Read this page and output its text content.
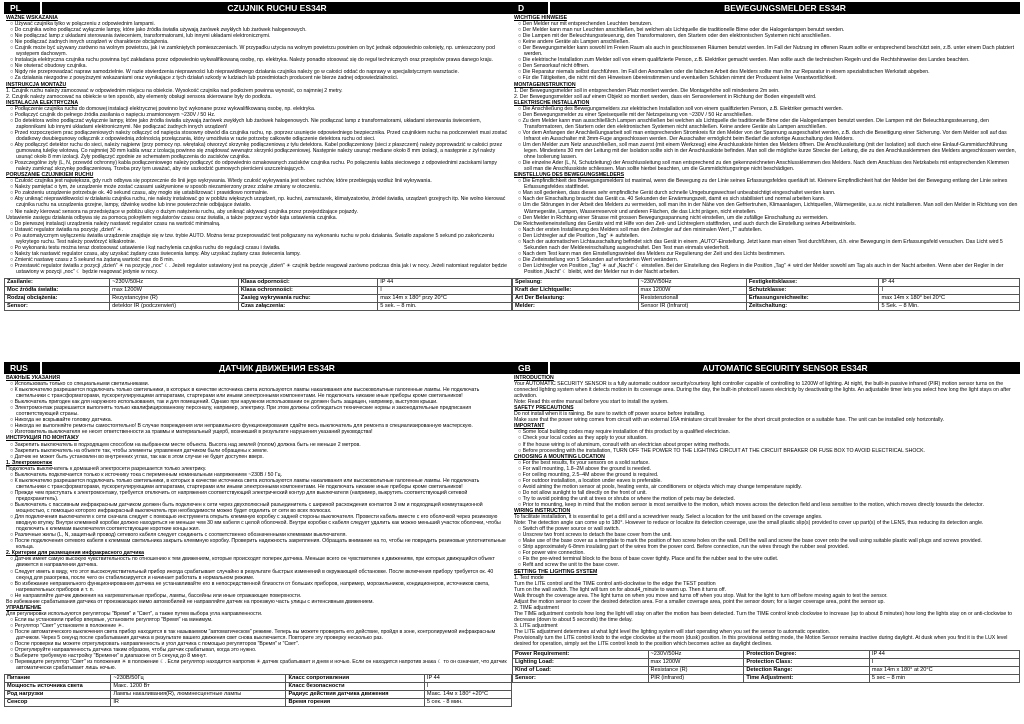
PL	CZUJNIK RUCHU ES34R
WAŻNE WSKAZANIA
○ Używać czujnika tylko w połączeniu z odpowiednim lampami.
○ Do czujnika wolno podłączać wyłącznie lampy, które jako źródła światła używają żarówek zwykłych lub żarówek halogenowych.
○ Nie podłączać lamp z układami sterowania świeceniem, transformatorami, lub innymi układami elektronicznymi.
○ Nie podłączać żadnych innych urządzeń w charakterze obciążenia.
○ Czujnik może być używany zarówno na wolnym powietrzu, jak i w zamkniętych pomieszczeniach. W przypadku użycia na wolnym powietrzu powinien on być jednak odpowiednio osłonięty, np. umieszczony pod występem dachowym.
○ Instalacja elektryczna czujnika ruchu powinna być zakładana przez odpowiednio wykwalifikowaną osobę, np. elektryka. Należy ponadto stosować się do reguł technicznych oraz przepisów prawa danego kraju.
○ Nie otwierać obudowy czujnika.
○ Nigdy nie przeprowadzać napraw samodzielnie. W razie stwierdzenia nieprawności lub nieprawidłowego działania czujnika należy go w całości oddać do naprawy w specjalistycznym warsztacie.
○ Za działania niezgodne z powyższymi wskazaniami oraz wynikające z tych działań szkody w ludziach lub przedmiotach producent nie bierze żadnej odpowiedzialności.
INSTRUKCJA MONTAŻU
1. Czujnik ruchu należy zamocować w odpowiednim miejscu na obiekcie. Wysokość czujnika nad podłożem powinna wynosić, co najmniej 2 metry.
2. Czujnik należy zamocować na obiekcie w ten sposób, aby elementy obsługi sensora skierowane były do podłoża.
INSTALACJA ELEKTRYCZNA
○ Podłączenie czujnika ruchu do domowej instalacji elektrycznej powinno być wykonane przez wykwalifikowaną osobę, np. elektryka.
○ Podłączyć czujnik do pełnego źródła zasilania o napięciu znamionowym ~230V / 50 Hz.
○ Do detektora wolno podłączać wyłącznie lampy, które jako źródła światła używają żarówek zwykłych lub żarówek halogenowych. Nie podłączać lamp z transformatorami, układami sterowania świeceniem, zapłonnikami lub innymi układami elektronicznymi. Nie podłączać żadnych innych urządzeń!
○ Przed rozpoczęciem prac podłączeniowych należy odłączyć od napięcia stosowny obwód dla czujnika ruchu, np. poprzez usunięcie odpowiedniego bezpiecznika. Przed czujnikiem ruchu na podczerwień musi zostać dodatkowy dwubiegunowy odłącznik z odpowiednią zdolnością przełączania, który umożliwia w razie potrzeby całkowite odłączenie detektora ruchu od sieci.
○ Aby podłączyć detektor ruchu do sieci, należy najpierw (przy pomocy np. wkrętaka) otworzyć skrzynkę podłączeniową z tyłu detektora. Kabel podłączeniowy (sieci z płaszczem) należy poprowadzić w całości przez gumowaną tulejkę wlotową. Co najmniej 30 mm kabla wraz z izolacją powinno się znajdować wewnątrz skrzynki podłączeniowej. Następnie należy usunąć mediane około 8 mm izolacji, a następnie z żył należy usunąć około 8 mm izolacji. Żyły podłączyć zgodnie ze schematem podłączenia do zacisków czujnika.
○ Poszczególne żyły (L, N, przewód ochronny) kabla podłączeniowego należy podłączyć do odpowiednio oznakowanych zacisków czujnika ruchu. Po połączeniu kabla sieciowego z odpowiednimi zaciskami lampy należy zamknąć skrzynkę podłączeniową. Trzeba przy tym uważać, aby nie uszkodzić gumowych pierścieni uszczelniających.
PORUSZANIE CZUJNIKIEM RUCHU
○ Czułość czujnika jest największa, gdy ruch odbywa się poprzecznie do linii jego wykrywania. Wtedy czułość wykrywania jest wobec ruchów, które przebiegają wzdłuż linii wykrywania.
○ Należy pamiętać o tym, że urządzenie może zostać czasami uaktywnione w sposób niezamierzony przez zdalne zmiany w otoczeniu.
○ Po założeniu urządzenie potrzebuje ok. 40 sekund czasu, aby mogło się ustabilizować i prawidłowo normalnie.
○ Aby uniknąć nieprawidłowości w działaniu czujnika ruchu, nie należy instalować go w pobliżu większych urządzeń, np. kuchni, zamrażarek, klimatyzatorów, źródeł światła, urządzeń grzejnych itp. Nie wolno kierować czujnika ruchu na urządzenia grzejne, lampy, dźwinkę wodne lub inne powierzchnie odbijające światło.
○ Nie należy kierować sensora na przedsiężące w pobliżu ulicy o dużym natężeniu ruchu, aby uniknąć aktywacji czujnika przez przejeżdżające pojazdy.
Ustawienie zasięgu działania odbywa się za pomocą pokrętłem regulatorów czasu oraz światła, a także poprzez wybór kąta ustawienia czujnika.
○ Do pierwszej instalacji urządzenia należy nastawić regulator czasu na wartość minimalną.
○ Ustawić regulator światła na pozycję „dzień” ☀.
○ Po automatycznym wyłączeniu światła urządzenie znajduje się w tzw. trybie AUTO. Można teraz przeprowadzić test poligazany na wykonaniu ruchu w polu działania. Światło zapalone 5 sekund po zakończeniu wykrytego ruchu. Test należy powtórzyć kilkakrotnie.
○ Po wykonaniu testu można teraz dostosować ustawienie i kąt nachylenia czujnika ruchu do regulacji czasu i światła.
○ Należy tak nastawić regulator czasu, aby uzyskać żądany czas świecenia lampy. Aby uzyskać żądany czas świecenia lampy.
○ Zmienić nastawę czasu z 5 sekund na żądaną wartość max do 8 min.
○ Przestawić regulator światła z pozycji „dzień” ☀ na pozycję „noc” ☾. Jeżeli regulator ustawiony jest na pozycję „dzień” ☀ czujnik będzie reagował zarówno podczas dnia jak i w nocy. Jeżeli natomiast regulator będzie ustawiony w pozycji „noc” ☾ będzie reagować jedynie w nocy.
Zasilanie:	~230V/50Hz	Klasa odporności:	IP 44
Moc źródła światła:	max 1200W	Klasa ochronności:	I
Rodzaj obciążenia:	Rezystancyjne (R)	Zasięg wykrywania ruchu:	max 14m x 180° przy 20°C
Sensor:	detektor IR (podczerwień)	Czas załączenia:	5 sek. – 8 min.
D	BEWEGUNGSMELDER ES34R
WICHTIGE HINWEISE
○ Den Melder nur mit entsprechenden Leuchten benutzen.
○ Der Melder kann man nur Leuchten anschließen, bei welchen als Lichtquelle die traditionelle Birne oder die Halogenlampen benutzt werden.
○ Die Lampen mit der Beleuchtungssteuerung, den Transformatoren, den Startern oder den elektronischen Systemen nicht anschließen.
○ Keine andere Geräte als Lampen anschließen.
○ Der Bewegungsmelder kann sowohl im Freien Raum als auch in geschlossenen Räumen benutzt werden. Im Fall der Nutzung im offenen Raum sollte er entsprechend beschützt sein, z.B. unter einem Dach platziert werden.
○ Die elektrische Installation zum Melder soll von einem qualifizierte Person, z.B. Elektriker gemacht werden. Man sollte auch die technischen Regeln und die Rechtshinweise des Landes beachten.
○ Den Sensorkauf nicht öffnen.
○ Die Reparatur niemals selbst durchführen. Im Fall den Anomalien oder die falschen Arbeit des Melders sollte man ihn zur Reparatur in einem spezialistischen Werkstatt abgeben.
○ Für die Tätigkeiten, die nicht mit den Hinweisen übereinstimmen und eventuellen Schäden nimmt der Produzent keine Verantwortlichkeit.
MONTAGEINSTRUKTION
1. Der Bewegungsmelder soll in entsprechenden Platz montiert werden. Die Montagehöhe soll mindestens 2m sein.
2. Der Bewegungsmelder soll auf einem Objekt so montiert werden, dass ein Sensorelement in Richtung der Boden eingestellt wird.
ELEKTRISCHE INSTALLATION
○ Die Anschließung des Bewegungsmelders zur elektrischen Installation soll von einem qualifizierten Person, z.B. Elektriker gemacht werden.
○ Den Bewegungsmelder zu einer Speisequelle mit der Netzspeisung von ~230V / 50 Hz anschließen.
○ Zu dem Melder kann man ausschließlich Lampen anschließen bei welchen als Lichtquelle die traditionelle Birne oder die Halogenlampen benutzt werden. Die Lampen mit der Beleuchtungssteuerung, den Transformatoren, den Startern oder den elektronischen Systemen nicht anschließen. Keine andere Geräte als Lampen anschließen.
○ Vor dem Anfangen der Anschließungsarbeit soll man entsprechenden Stromkreis für den Melder von der Spannung ausgeschaltet werden, z.B. durch die Beseitigung einer Sicherung. Vor dem Melder soll auf das Infrarot ein Ausschalter mit 3mm-Fuge angeschlossen werden. Der Ausschalter ermöglicht beim Bedarf die sofortige Ausschaltung des Melders.
○ Um den Melder zum Netz anzuschließen, soll man zuerst (mit einem Werkzeug) eine Anschlusskiste hinten des Melders öffnen. Die Anschlussleitung (mit der Isolation) soll durch eine Einlauf-Gummidurchführung legen. Mindestens 30 mm der Leitung mit der Isolation sollte sich in der Anschlusskiste befinden. Man soll die mögliche kurze Strecke der Leitung, die zu den Anschlussklemmen des Melders angeschlossen werden, ohne Isolierung lassen.
○ Die einzelne Ader (L, N, Schutzleitung) der Anschlussleitung soll man entsprechend zu den gekennzeichneten Anschlussklemmen des Melders. Nach dem Anschluss des Netzkabels mit entsprechenden Klemmen soll man die Anschlusskiste schliessen. Man sollte hierbei beachten, um die Gummidichtungsringe nicht beschädigen.
EINSTELLUNG DES BEWEGUNGSMELDERS
○ Die Empfindlichkeit des Bewegungsmelders ist maximal, wenn die Bewegung zu der Linie seines Erfassungsfeldes querläuft ist. Kleinere Empfindlichkeit hat der Melder bei der Bewegung entlang der Linie seines Erfassungsfeldes stattfindet.
○ Man soll gedenken, dass dieses sehr empfindliche Gerät durch schnelle Umgebungswechsel unbeabsichtigt eingeschaltet werden kann.
○ Nach der Einschaltung braucht das Gerät ca. 40 Sekunden der Erwärmungszeit, damit es sich stabilisiert und normal arbeiten kann.
○ Um die Störungen in der Arbeit des Melders zu vermeiden, soll man ihn in der Nähe von den Gefriertruhen, Klimaanlagen, Lichtquellen, Wärmegeräte, u.s.w. nicht installieren. Man soll den Melder in Richtung von den Wärmegeräte, Lampen, Wasserreservoir und anderen Flächen, die das Licht prägen, nicht einstellen.
○ Den Melder in Richtung einer Strasse mit grossen Bewegungsspannung nicht einstellen, um die zufällige Einschaltung zu vermeiden.
Die Reichweiteneinstellung des Geräts wird mit Hilfe von den Zeit- und Lichtreglern stattfinden, und auch durch die Einstellung seines Arbeitswinkels.
○ Nach der ersten Installierung des Melders soll man den Zeitregler auf den minimalen Wert „T” aufstellen.
○ Den Lichtregler auf die Position „Tag” ☀ aufstellen.
○ Nach der automatischen Lichtausschaltung befindet sich das Gerät in einem „AUTO”-Einstellung. Jetzt kann man einen Test durchführen, d.h. eine Bewegung in dem Erfassungsfeld versuchen. Das Licht wird 5 Sekunden nach der Meldereinschaltung ausgeschaltet. Den Test man einmals wiederholt.
○ Nach dem Test kann man den Einstellungswinkel des Melders zur Regulierung der Zeit und des Lichts bestimmen.
○ Die Zeiteinstellung von 5 Sekunden auf erforderten Wert verändern.
○ Den Lichtregler von Position „Tag” ☀ auf „Nacht” ☾ einstellen. Bei der Einstellung des Reglers in die Position „Tag” ☀ wird der Melder sowohl am Tag als auch in der Nacht arbeiten. Wenn aber der Regler in der Position „Nacht” ☾ bleibt, wird der Melder nur in der Nacht arbeiten.
Speisung:	~230V/50Hz	Festigkeitsklasse:	IP 44
Kraft der Lichtquelle:	max 1200W	Schutzklasse:	I
Art Der Belastung:	Resistenzionall	Erfassungsreichweite:	max 14m x 180° bei 20°C
Melder:	Sensor IR (Infrarot)	Zeitschaltung:	5 Sek. – 8 Min.
RUS	ДАТЧИК ДВИЖЕНИЯ ES34R
ВАЖНЫЕ УКАЗАНИЯ
○ Использовать только со специальными светильниками.
○ К выключателю разрешается подключать только светильники, в которых в качестве источника света используются лампы накаливания или высоковольтные галогенные лампы. Не подключать светильники с трансформаторами, пускорегулирующими аппаратами, стартерами или иными электронными компонентами. Не подключать никакие иные приборы кроме светильников!
○ Выключатель пригоден как для наружного использования, так и для помещений. Однако при наружном использовании он должен быть защищен, например, выступом крыши.
○ Электромонтаж разрешается выполнять только квалифицированному персоналу, например, электрику. При этом должны соблюдаться технические нормы и законодательные предписания соответствующей страны.
○ Никогда не вскрывайте головку датчика.
○ Никогда не выполняйте ремонты самостоятельно! В случае повреждения или неправильного функционирования сдайте весь выключатель для ремонта в специализированную мастерскую.
○ Изготовитель выключателя не несет ответственности за травмы и материальный ущерб, возникший в результате нарушения указаний руководства!
ИНСТРУКЦИЯ ПО МОНТАЖУ
○ Закрепить выключатель в подходящем способом на выбранном месте объекта. Высота над землей (полом) должна быть не меньше 2 метров.
○ Закрепить выключатель на объекте так, чтобы элементы управления датчиком были обращены к земле.
○ Датчик не может быть установлен во внутренних углах, так как в этом случае не будет доступен вверх.
1. Электромонтаж
Подключать выключатель к домашней электросети разрешается только электрику.
○ Выключатель подключается только к источнику тока с переменным номинальным напряжением ~230В / 50 Гц.
○ К выключателю разрешается подключать только светильники, в которых в качестве источника света используются лампы накаливания или высоковольтные галогенные лампы. Не подключать светильники с трансформаторами, пускорегулирующими аппаратами, стартерами или иными электронными компонентами. Не подключать никакие иные приборы кроме светильников!
○ Прежде чем приступать к электромонтажу, требуется отключить от напряжения соответствующий электрический контур для выключателя (например, выкрутить соответствующий сетевой предохранитель).
○ Выключатель с пассивным инфракрасным датчиком должен быть подключен к сети через двухполюсный разъединитель с шириной расхождения контактов 3 мм и подходящей коммутационной мощностью, с помощью которого инфракрасный выключатель при необходимости можно будет отделить от сети во всех полюсах.
○ Для подключения выключателя к сети сначала следует с помощью инструмента открыть клеммную коробку с задней стороны выключателя. Провести кабель вместе с его оболочкой через резиновую вводную втулку. Внутри клеммной коробки должно находиться не меньше чем 30 мм кабеля с целой оболочкой. Внутри коробки с кабеля следует удалить как можно меньший участок оболочки, чтобы подключить к клеммам выключателя соответствующие короткие концы жил.
○ Различные жилы (L, N, защитный провод) сетевого кабеля следует соединить с соответственно обозначенными клеммами выключателя.
○ После подключения сетевого кабеля к клеммам светильника закрыть клеммную коробку. Проверить надежность закрепления. Обращать внимание на то, чтобы не повредить резиновые уплотнительные кольца.
2. Критерии для размещения инфракрасного датчика
○ Датчик имеет самую высокую чувствительность по отношению к тем движениям, которые происходят поперек датчика. Меньше всего он чувствителен к движениям, при которых движущийся объект движется в направлении датчика.
○ Следует иметь в виду, что этот высокочувствительный прибор иногда срабатывает случайно в результате быстрых изменений в окружающей обстановке. После включения прибору требуется ок. 40 секунд для разогрева, после чего он стабилизируется и начинает работать в нормальном режиме.
○ Во избежание неправильного функционирования датчика не устанавливайте его в непосредственной близости от больших приборов, например, морозильников, кондиционеров, источников света, нагревательных приборов и т. п.
○ Не направляйте датчик движения на нагревательные приборы, лампы, бассейны или иные отражающие поверхности.
Во избежание срабатывания датчика от проезжающих мимо автомобилей не направляйте датчик на проезжую часть улицы с интенсивным движением.
УПРАВЛЕНИЕ
Для регулировки используются регуляторы "Время" и "Свет", а также путем выбора угла направленности.
○ Если вы установили прибор впервые, установите регулятор "Время" на минимум.
○ Регулятор "Свет" установите в положение ☀.
○ После автоматического выключения света прибор находится в так называемом "автоматическом" режиме. Теперь вы можете проверить его действие, пройдя в зоне, контролируемой инфракрасным датчиком. Через 5 секунд после срабатывания датчика в результате вашего движения свет снова выключается. Повторите эту проверку несколько раз.
○ После проверки вы можете отрегулировать направленность и угол датчика с помощью регуляторов "Время" и "Свет".
○ Отрегулируйте направленность датчика таким образом, чтобы датчик срабатывал, когда это нужно.
○ Выберите требуемую настройку "Времени" в диапазоне от 5 секунд до 8 минут.
○ Переведите регулятор "Свет" из положения ☀ в положение ☾. Если регулятор находится напротив ☀ датчик срабатывает и днем и ночью. Если он находится напротив знака ☾ то он означает, что датчик автоматически срабатывает лишь ночью.
Питание	~230В/50Гц	Класс сопротивления	IP 44
Мощность источника света	Макс. 1200 Вт	Класс безопасности	I
Род нагрузки	Лампы накаливания(R), люминесцентные лампы	Радиус действия датчика движения	Макс. 14м x 180° +20°C
Сенсор	IR	Время горения	5 сек. - 8 мин.
GB	AUTOMATIC SECIURITY SENSOR ES34R
INTRODUCTION
Your AUTOMATIC SECURITY SENSOR is a fully automatic outdoor security/courtesy light controller capable of controlling to 1200W of lighting. At night, the built-in passive infrared (PIR) motion sensor turns on the connected lighting system when it detects motion in its coverage area. During the day, the built-in photocell saves electricity by deactivating the lights. An adjustable timer lets you select how long the light stays on after activation.
Note: Read this entire manual before you start to install the system.
SAFETY PRECAUTIONS
Do not install when it is raining. Be sure to switch off power source before installing.
Make sure that the power wiring comes from circuit with an external 16A miniature circuit breaker for the short circuit protection or a suitable fuse. The unit can be installed only horizontally.
IMPORTANT
○ Some local building codes may require installation of this product by a qualified electrician.
○ Check your local codes as they apply to your situation.
○ If the house wiring is of aluminum, consult with an electrician about proper wiring methods.
○ Before proceeding with the installation, TURN OFF THE POWER TO THE LIGHTING CIRCUIT AT THE CIRCUIT BREAKER OR FUSE BOX TO AVOID ELECTRICAL SHOCK.
CHOOSING A MOUNTING LOCATION
○ For the best results, fix your sensors on a solid surface.
○ For wall mounting, 1.8–2M above the ground is needed.
○ For ceiling mounting, 2.5–4M above the ground is required.
○ For outdoor installation, a location under eaves is preferable.
○ Avoid aiming the motion sensor at pools, heating vents, air conditioners or objects which may change temperature rapidly.
○ Do not allow sunlight to fall directly on the front of unit.
○ Try to avoid pointing the unit at trees or shrubs or where the motion of pets may be detected.
○ Prior to mounting, keep in mind that the motion sensor is most sensitive to the motion, which moves across the detection field and less sensitive to the motion, which moves directly towards the detector.
WIRING INSTRUCTION
To facilitate installation, it is essential to get a drill and a screwdriver ready. Select a location for the unit based on the coverage angles.
Note: The detection angle can come up to 180°. However to reduce or localize its detection coverage, use the small plastic slip(s) provided to cover up part(s) of the LENS, thus reducing its detection angle.
○ Switch off the power source or wall switch.
○ Unscrew two front screws to detach the base cover from the unit.
○ Make use of the base cover as a template to mark the position of two screw holes on the wall. Drill the wall and screw the base cover onto the wall using suitable plastic wall plugs and screws provided.
○ Strip approximately 6-8mm insulating part of the wires from the power cord. Before connection, run the wires through the rubber seal provided.
○ For power wire connection.
○ Fix the pre-wired terminal block to the boss of base cover tightly. Place and fix the rubber seal to the wire outlet.
○ Refit and screw the unit to the base cover.
SETTING THE LIGHTING SYSTEM
1. Test mode
Turn the LITE control and the TIME control anti-clockwise to the edge the TEST position
Turn on the wall switch. The light will turn on for about4_minute to warm up. Then it turns off.
Walk through the coverage area. The light turns on when you move and turns off when you stop. Wait for the light to turn off before moving again to test the sensor.
Adjust the motion sensor to cover the desired detection area. For a smaller coverage area, point the sensor down; for a larger coverage area, point the sensor up.
2. TIME adjustment
The TIME adjustment controls how long the light will stay on after the motion has been detected. Turn the TIME control knob clockwise to increase (up to about 8 minutes) how long the lights stay on or anti-clockwise to decrease (down to about 5 seconds) the time delay.
3. LITE adjustment
The LITE adjustment determines at what light level the lighting system will start operating when you set the sensor to automatic operation.
Provisionally turn the LITE control knob to the edge clockwise at the moon (dusk) position. In this provisional setting mode, the Motion Sensor remains inactive during daylight. At dusk when you find it is the LUX level desired for operation, simply set the LITE control knob to the position which becomes active as daylight declines.
Power Requirement:	~230V/50Hz	Protection Degree:	IP 44
Lighting Load:	max 1200W	Protection Class:	I
Kind of Load:	Resistance (R)	Detection Range:	max 14m x 180° at 20°C
Sensor:	PIR (infrared)	Time Adjustment:	5 sec – 8 min
